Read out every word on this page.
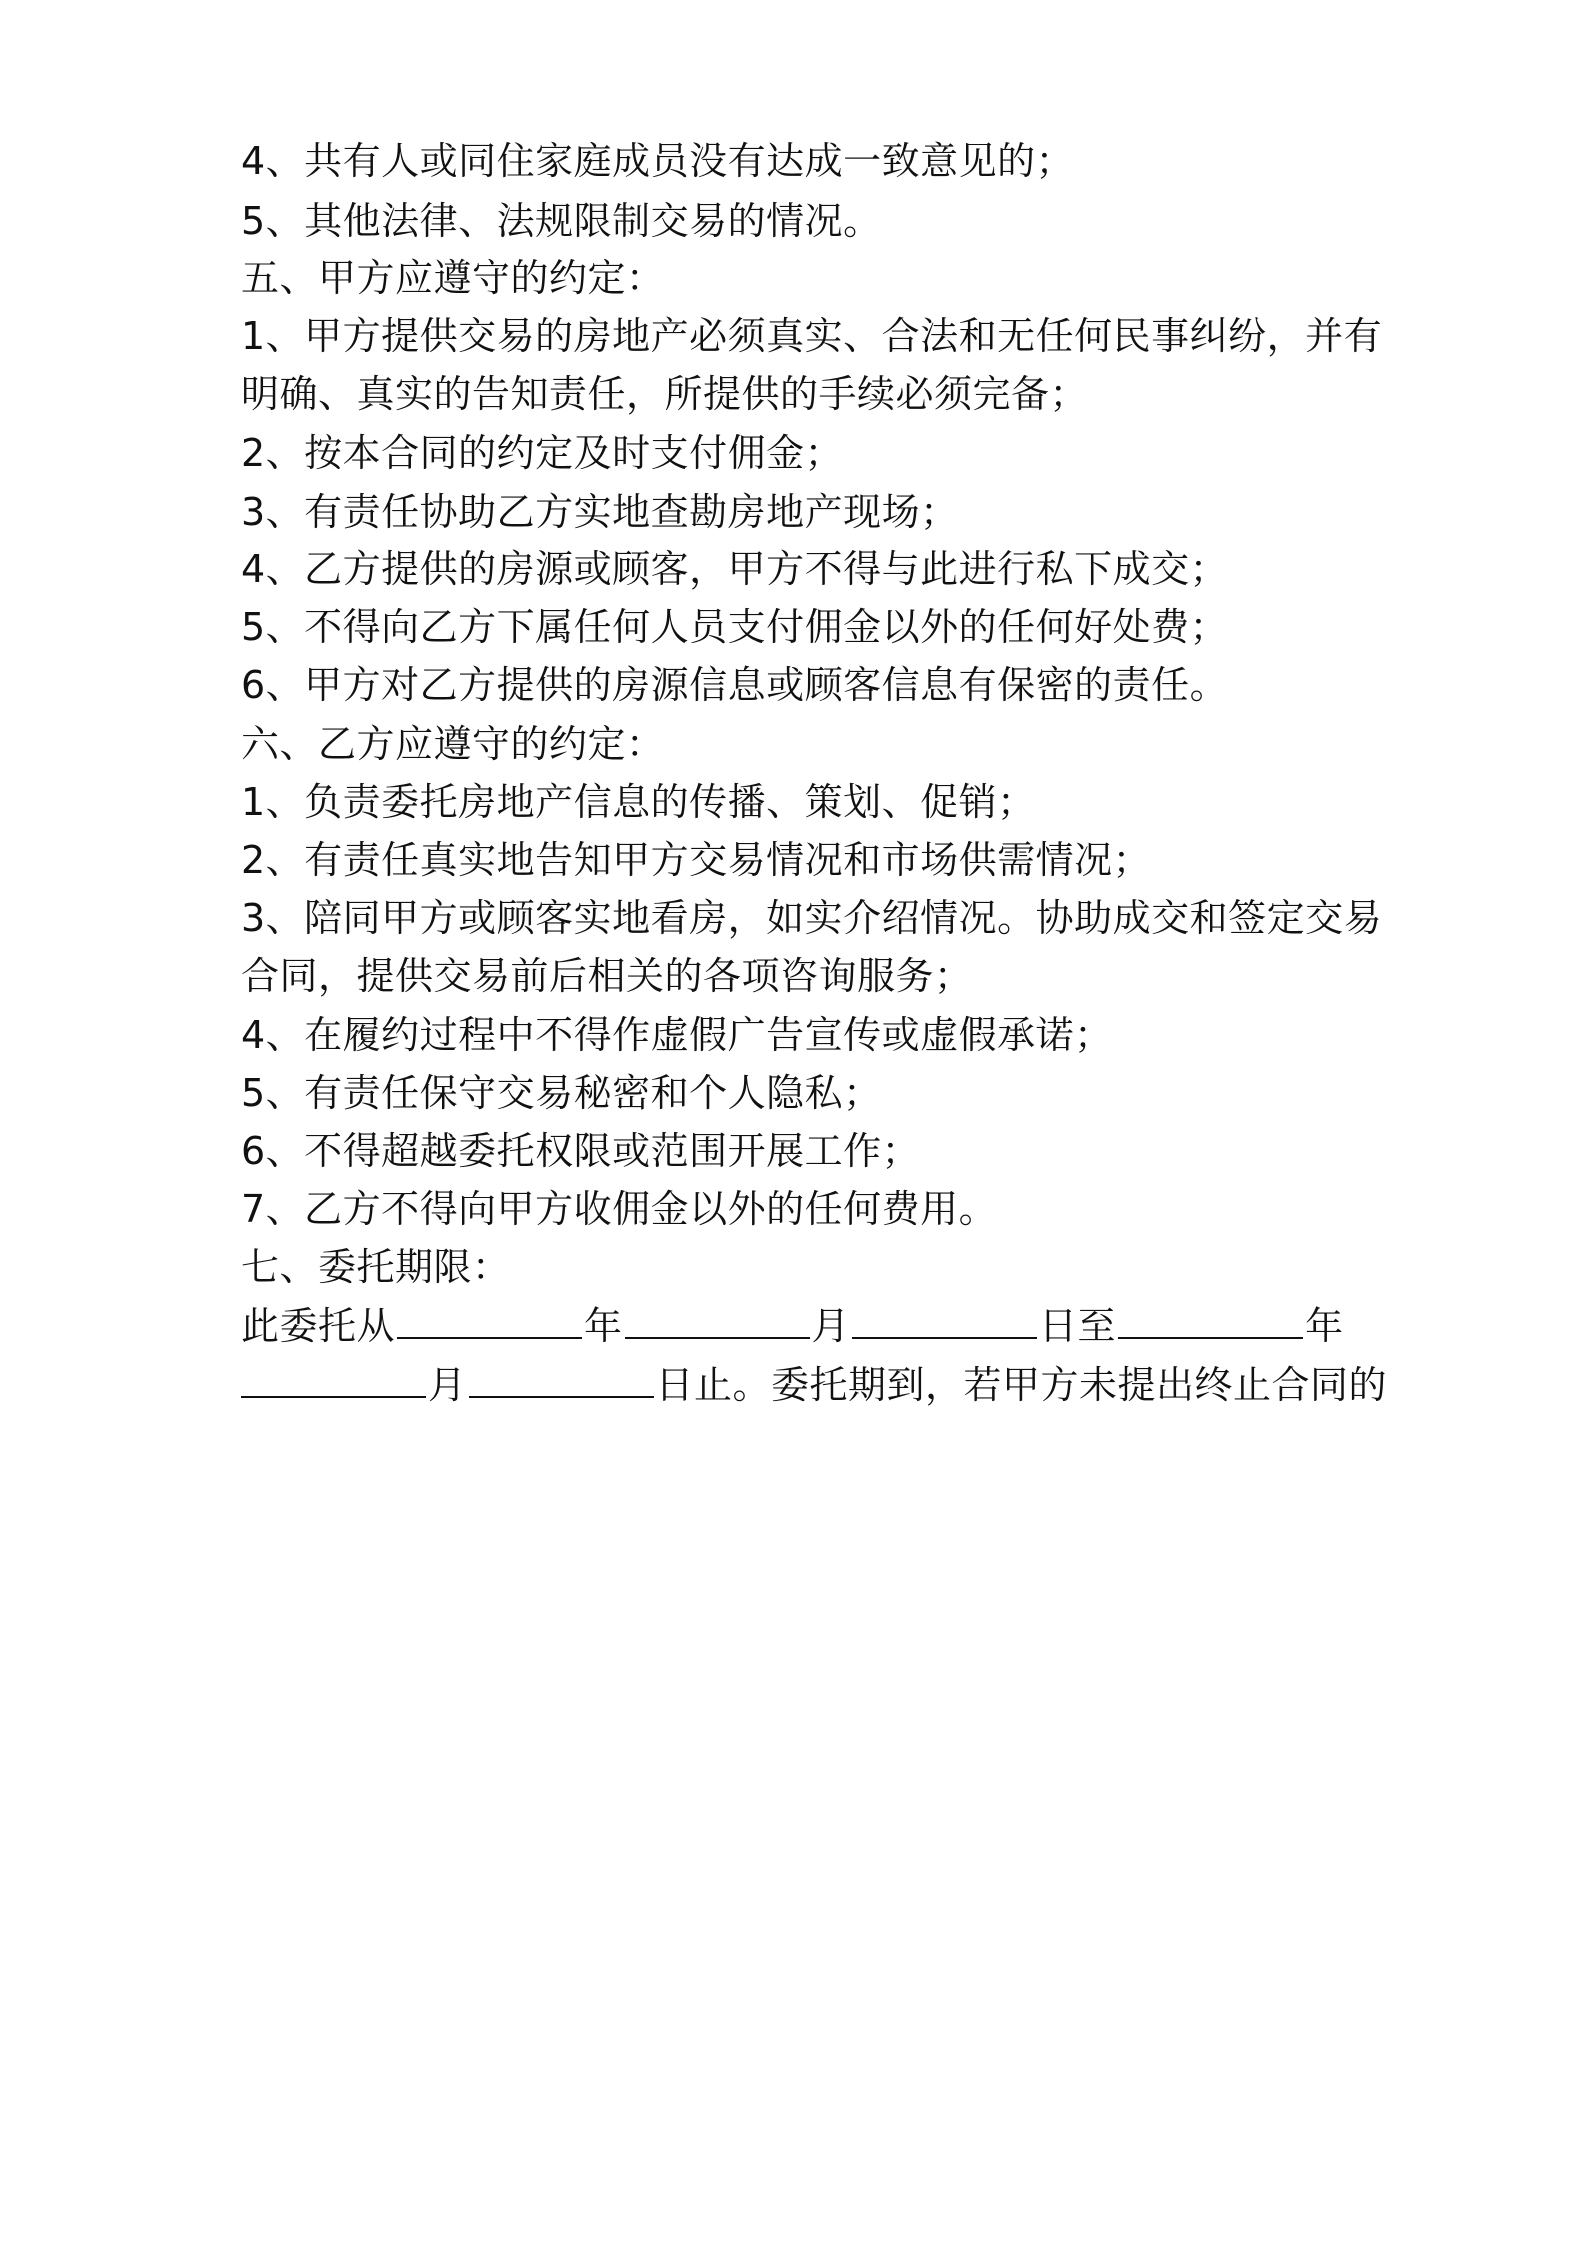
4、共有人或同住家庭成员没有达成一致意见的；
5、其他法律、法规限制交易的情况。
五、甲方应遵守的约定：
1、甲方提供交易的房地产必须真实、合法和无任何民事纠纷，并有
明确、真实的告知责任，所提供的手续必须完备；
2、按本合同的约定及时支付佣金；
3、有责任协助乙方实地查勘房地产现场；
4、乙方提供的房源或顾客，甲方不得与此进行私下成交；
5、不得向乙方下属任何人员支付佣金以外的任何好处费；
6、甲方对乙方提供的房源信息或顾客信息有保密的责任。
六、乙方应遵守的约定：
1、负责委托房地产信息的传播、策划、促销；
2、有责任真实地告知甲方交易情况和市场供需情况；
3、陪同甲方或顾客实地看房，如实介绍情况。协助成交和签定交易
合同，提供交易前后相关的各项咨询服务；
4、在履约过程中不得作虚假广告宣传或虚假承诺；
5、有责任保守交易秘密和个人隐私；
6、不得超越委托权限或范围开展工作；
7、乙方不得向甲方收佣金以外的任何费用。
七、委托期限：
此委托从	年	月	日至	年
月	日止。委托期到，若甲方未提出终止合同的
